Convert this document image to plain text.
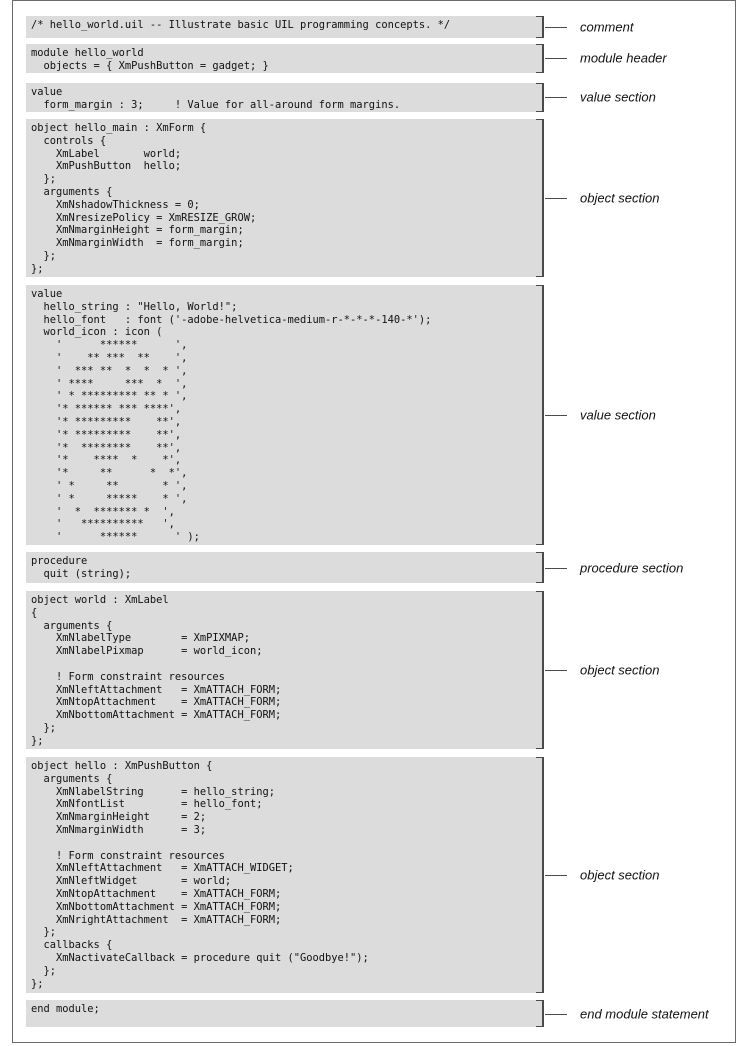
/* hello_world.uil -- Illustrate basic UIL programming concepts. */	comment
module hello_world
objects = { XmPushButton = gadget; }
module header
value
form_margin : 3;     ! Value for all-around form margins.
value section
object hello_main : XmForm {
controls {
XmLabel       world;
XmPushButton  hello;
};
arguments {
XmNshadowThickness = 0;
XmNresizePolicy = XmRESIZE_GROW;
XmNmarginHeight = form_margin;
XmNmarginWidth  = form_margin;
};
};
object section
value
hello_string : "Hello, World!";
hello_font   : font ('-adobe-helvetica-medium-r-*-*-*-140-*');
world_icon : icon (
'      ******      ',
'    ** ***  **    ',
'  *** **  *  *  * ',
' ****     ***  *  ',
' * ********* ** * ',
'* ****** *** ****',
'* *********    **',
'* *********    **',
'*  ********    **',
'*    ****  *    *',
'*     **      *  *',
' *     **       * ',
' *     *****    * ',
'  *  ******* *  ',
'   **********   ',
'      ******      ' );
value section
procedure
quit (string);	procedure section
object world : XmLabel
{
arguments {
XmNlabelType        = XmPIXMAP;
XmNlabelPixmap      = world_icon;

! Form constraint resources
XmNleftAttachment   = XmATTACH_FORM;
XmNtopAttachment    = XmATTACH_FORM;
XmNbottomAttachment = XmATTACH_FORM;
};
};
object section
object hello : XmPushButton {
arguments {
XmNlabelString      = hello_string;
XmNfontList         = hello_font;
XmNmarginHeight     = 2;
XmNmarginWidth      = 3;

! Form constraint resources
XmNleftAttachment   = XmATTACH_WIDGET;
XmNleftWidget       = world;
XmNtopAttachment    = XmATTACH_FORM;
XmNbottomAttachment = XmATTACH_FORM;
XmNrightAttachment  = XmATTACH_FORM;
};
callbacks {
XmNactivateCallback = procedure quit ("Goodbye!");
};
};
object section
end module;	end module statement
